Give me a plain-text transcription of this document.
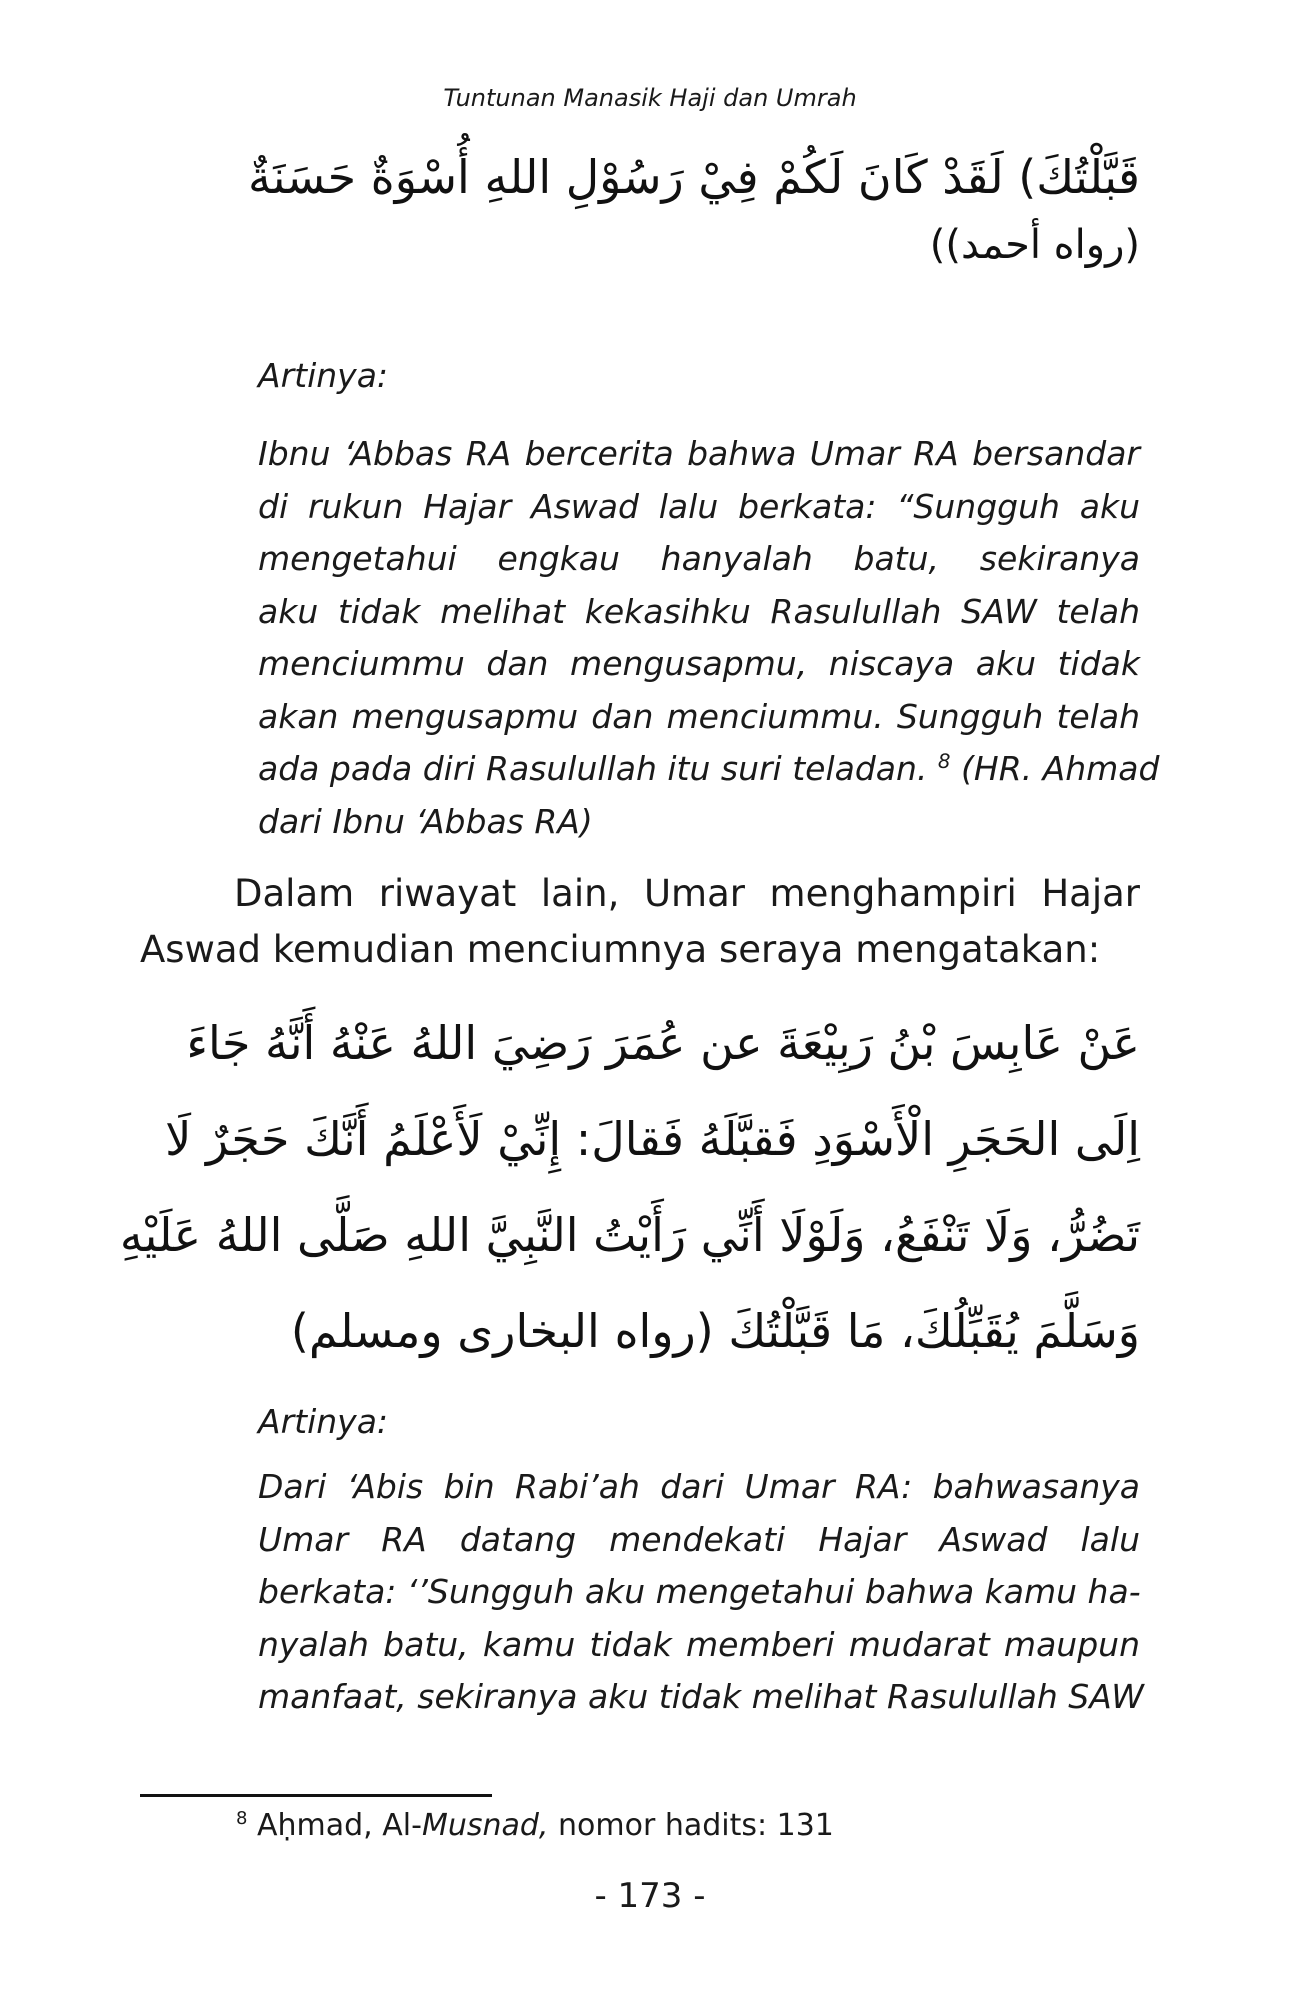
Tuntunan Manasik Haji dan Umrah
قَبَّلْتُكَ) لَقَدْ كَانَ لَكُمْ فِيْ رَسُوْلِ اللهِ أُسْوَةٌ حَسَنَةٌ
(رواه أحمد))
Artinya:
Ibnu ‘Abbas RA bercerita bahwa Umar RA bersandar
di rukun Hajar Aswad lalu berkata: “Sungguh aku
mengetahui engkau hanyalah batu, sekiranya
aku tidak melihat kekasihku Rasulullah SAW telah
menciummu dan mengusapmu, niscaya aku tidak
akan mengusapmu dan menciummu. Sungguh telah
ada pada diri Rasulullah itu suri teladan. $^8$ (HR. Ahmad
dari Ibnu ‘Abbas RA)
Dalam riwayat lain, Umar menghampiri Hajar
Aswad kemudian menciumnya seraya mengatakan:
عَنْ عَابِسَ بْنُ رَبِيْعَةَ عن عُمَرَ رَضِيَ اللهُ عَنْهُ أَنَّهُ جَاءَ
اِلَى الحَجَرِ الْأَسْوَدِ فَقبَّلَهُ فَقالَ: إِنِّيْ لَأَعْلَمُ أَنَّكَ حَجَرٌ لَا
تَضُرُّ، وَلَا تَنْفَعُ، وَلَوْلَا أَنِّي رَأَيْتُ النَّبِيَّ اللهِ صَلَّى اللهُ عَلَيْهِ
وَسَلَّمَ يُقَبِّلُكَ، مَا قَبَّلْتُكَ (رواه البخارى ومسلم)
Artinya:
Dari ‘Abis bin Rabi’ah dari Umar RA: bahwasanya
Umar RA datang mendekati Hajar Aswad lalu
berkata: ‘’Sungguh aku mengetahui bahwa kamu ha-
nyalah batu, kamu tidak memberi mudarat maupun
manfaat, sekiranya aku tidak melihat Rasulullah SAW
$^8$ Aḥmad, Al-Musnad, nomor hadits: 131
- 173 -
